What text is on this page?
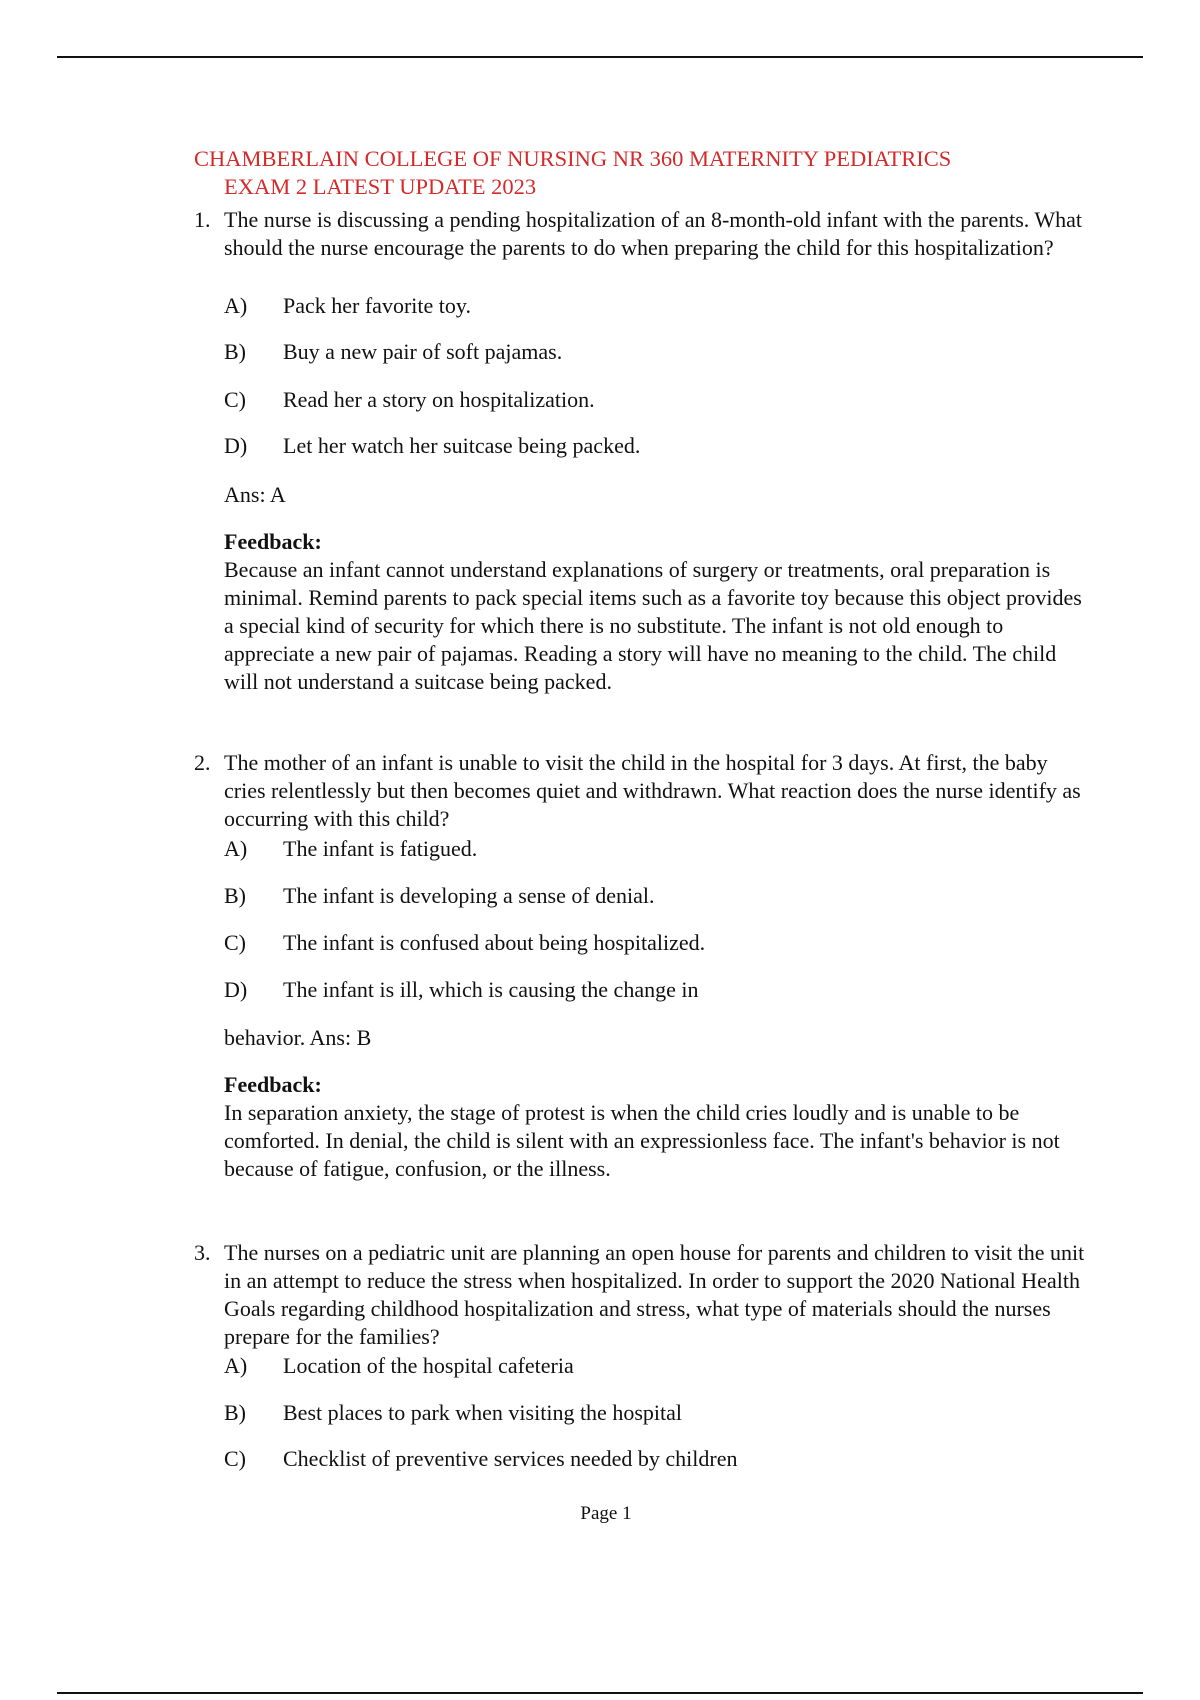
CHAMBERLAIN COLLEGE OF NURSING NR 360 MATERNITY PEDIATRICS
EXAM 2 LATEST UPDATE 2023
1. The nurse is discussing a pending hospitalization of an 8-month-old infant with the parents. What should the nurse encourage the parents to do when preparing the child for this hospitalization?
A) Pack her favorite toy.
B) Buy a new pair of soft pajamas.
C) Read her a story on hospitalization.
D) Let her watch her suitcase being packed.
Ans: A
Feedback:
Because an infant cannot understand explanations of surgery or treatments, oral preparation is minimal. Remind parents to pack special items such as a favorite toy because this object provides a special kind of security for which there is no substitute. The infant is not old enough to appreciate a new pair of pajamas. Reading a story will have no meaning to the child. The child will not understand a suitcase being packed.
2. The mother of an infant is unable to visit the child in the hospital for 3 days. At first, the baby cries relentlessly but then becomes quiet and withdrawn. What reaction does the nurse identify as occurring with this child?
A) The infant is fatigued.
B) The infant is developing a sense of denial.
C) The infant is confused about being hospitalized.
D) The infant is ill, which is causing the change in
behavior. Ans: B
Feedback:
In separation anxiety, the stage of protest is when the child cries loudly and is unable to be comforted. In denial, the child is silent with an expressionless face. The infant's behavior is not because of fatigue, confusion, or the illness.
3. The nurses on a pediatric unit are planning an open house for parents and children to visit the unit in an attempt to reduce the stress when hospitalized. In order to support the 2020 National Health Goals regarding childhood hospitalization and stress, what type of materials should the nurses prepare for the families?
A) Location of the hospital cafeteria
B) Best places to park when visiting the hospital
C) Checklist of preventive services needed by children
Page 1
